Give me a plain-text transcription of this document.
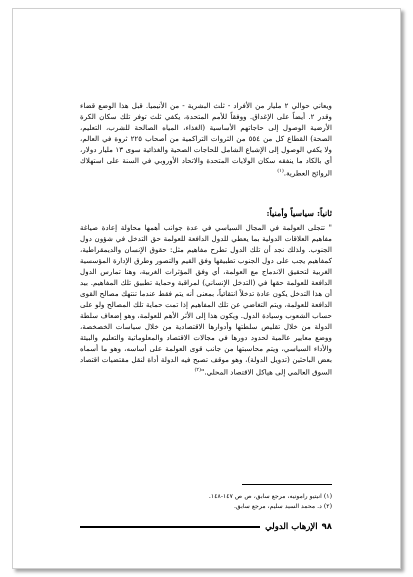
ويعاني حوالي ٢ مليار من الأفراد - ثلث البشرية - من الأنيميا. قبل هذا الوضع قضاء وقدر ٢. أيضاً على الإغداق. ووفقاً للأمم المتحدة، يكفي ثلث توفر تلك سكان الكرة الأرضية الوصول إلى حاجاتهم الأساسية (الغذاء، المياه الصالحة للشرب، التعليم، الصحة) القطاع كل من ٥٥٤ من الثروات التراكمية من أصحاب ٢٢٥ ثروة في العالم، ولا يكفي الوصول إلى الإشباع الشامل للحاجات الصحية والغذائية سوى ١٣ مليار دولار، أي بالكاد ما ينفقه سكان الولايات المتحدة والاتحاد الأوروبي في السنة على استهلاك الروائح العطرية.$^{(١)}$
ثانياً: سياسياً وأمنياً:
" تتجلى العولمة في المجال السياسي في عدة جوانب أهمها محاولة إعادة صياغة مفاهيم العلاقات الدولية بما يعطي للدول الدافعة للعولمة حق التدخل في شؤون دول الجنوب. ولذلك نجد أن تلك الدول تطرح مفاهيم مثل: حقوق الإنسان والديمقراطية، كمفاهيم يجب على دول الجنوب تطبيقها وفق القيم والتصور وطرق الإدارة المؤسسية الغربية لتحقيق الاندماج مع العولمة، أي وفق المؤثرات الغربية، وهنا تمارس الدول الدافعة للعولمة حقها في (التدخل الإنساني) لمراقبة وحماية تطبيق تلك المفاهيم. بيد أن هذا التدخل يكون عادة تدخلاً انتقائياً، بمعنى أنه يتم فقط عندما تنتهك مصالح القوى الدافعة للعولمة، ويتم التغاضي عن تلك المفاهيم إذا تمت حماية تلك المصالح ولو على حساب الشعوب وسيادة الدول. ويكون هذا إلى الأثر الأهم للعولمة، وهو إضعاف سلطة الدولة من خلال تقليص سلطتها وأدوارها الاقتصادية من خلال سياسات الخصخصة، ووضع معايير عالمية لحدود دورها في مجالات الاقتصاد والمعلوماتية والتعليم والبيئة والأداء السياسي، ويتم محاسبتها من جانب قوى العولمة على أساسه، وهو ما أسماه بعض الباحثين (تدويل الدولة)، وهو موقف تصبح فيه الدولة أداة لنقل مقتضيات اقتصاد السوق العالمي إلى هياكل الاقتصاد المحلي."$^{(٢)}$
(١) انيتيو رامونيه، مرجع سابق، ص ص ١٤٧-١٤٨.
(٢) د. محمد السيد سليم، مرجع سابق.
٩٨
الإرهاب الدولي
